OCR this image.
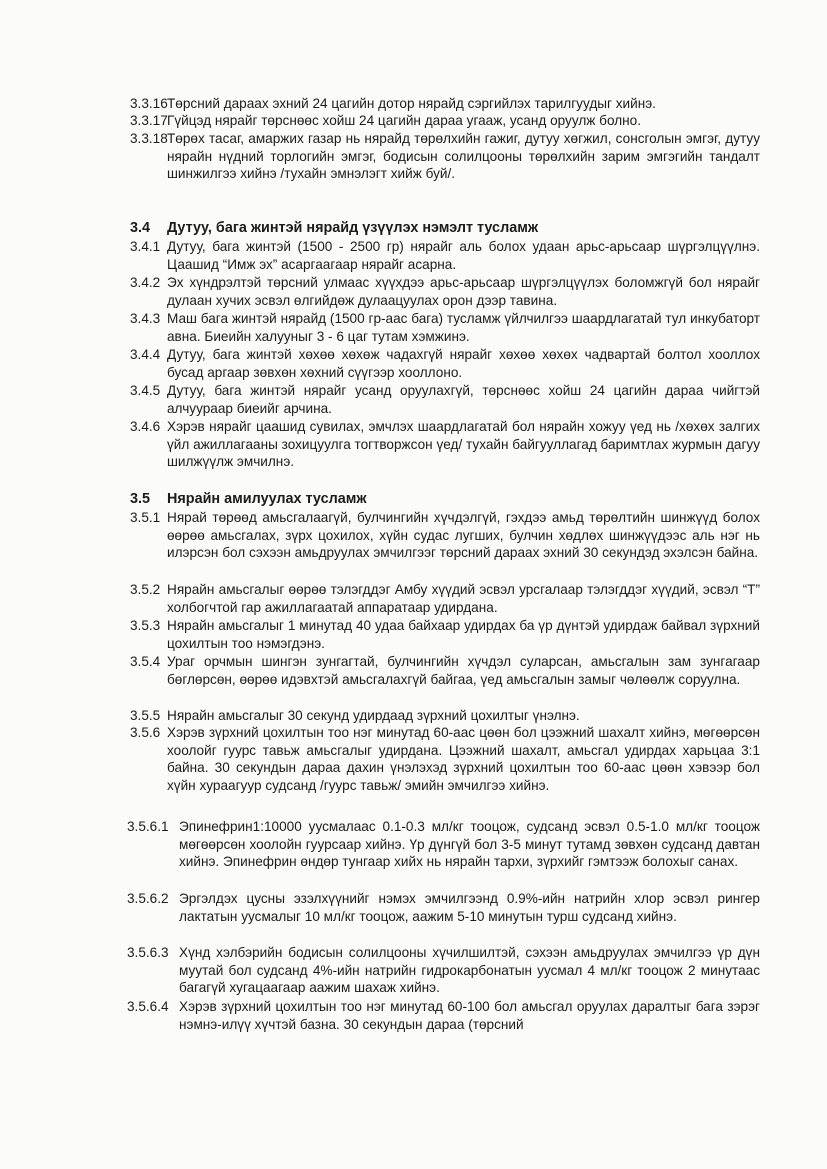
3.3.16 Төрсний дараах эхний 24 цагийн дотор нярайд сэргийлэх тарилгуудыг хийнэ.
3.3.17 Гүйцэд нярайг төрснөөс хойш 24 цагийн дараа угааж, усанд оруулж болно.
3.3.18 Төрөх тасаг, амаржих газар нь нярайд төрөлхийн гажиг, дутуу хөгжил, сонсголын эмгэг, дутуу нярайн нүдний торлогийн эмгэг, бодисын солилцооны төрөлхийн зарим эмгэгийн тандалт шинжилгээ хийнэ /тухайн эмнэлэгт хийж буй/.
3.4 Дутуу, бага жинтэй нярайд үзүүлэх нэмэлт тусламж
3.4.1 Дутуу, бага жинтэй (1500 - 2500 гр) нярайг аль болох удаан арьс-арьсаар шүргэлцүүлнэ. Цаашид “Имж эх” асаргаагаар нярайг асарна.
3.4.2 Эх хүндрэлтэй төрсний улмаас хүүхдээ арьс-арьсаар шүргэлцүүлэх боломжгүй бол нярайг дулаан хучих эсвэл өлгийдөж дулаацуулах орон дээр тавина.
3.4.3 Маш бага жинтэй нярайд (1500 гр-аас бага) тусламж үйлчилгээ шаардлагатай тул инкубаторт авна. Биеийн халууныг 3 - 6 цаг тутам хэмжинэ.
3.4.4 Дутуу, бага жинтэй хөхөө хөхөж чадахгүй нярайг хөхөө хөхөх чадвартай болтол хооллох бусад аргаар зөвхөн хөхний сүүгээр хооллоно.
3.4.5 Дутуу, бага жинтэй нярайг усанд оруулахгүй, төрснөөс хойш 24 цагийн дараа чийгтэй алчуураар биеийг арчина.
3.4.6 Хэрэв нярайг цаашид сувилах, эмчлэх шаардлагатай бол нярайн хожуу үед нь /хөхөх залгих үйл ажиллагааны зохицуулга тогтворжсон үед/ тухайн байгууллагад баримтлах журмын дагуу шилжүүлж эмчилнэ.
3.5 Нярайн амилуулах тусламж
3.5.1 Нярай төрөөд амьсгалаагүй, булчингийн хүчдэлгүй, гэхдээ амьд төрөлтийн шинжүүд болох өөрөө амьсгалах, зүрх цохилох, хүйн судас лугших, булчин хөдлөх шинжүүдээс аль нэг нь илэрсэн бол сэхээн амьдруулах эмчилгээг төрсний дараах эхний 30 секундэд эхэлсэн байна.
3.5.2 Нярайн амьсгалыг өөрөө тэлэгддэг Амбу хүүдий эсвэл урсгалаар тэлэгддэг хүүдий, эсвэл “Т” холбогчтой гар ажиллагаатай аппаратаар удирдана.
3.5.3 Нярайн амьсгалыг 1 минутад 40 удаа байхаар удирдах ба үр дүнтэй удирдаж байвал зүрхний цохилтын тоо нэмэгдэнэ.
3.5.4 Ураг орчмын шингэн зунгагтай, булчингийн хүчдэл суларсан, амьсгалын зам зунгагаар бөглөрсөн, өөрөө идэвхтэй амьсгалахгүй байгаа, үед амьсгалын замыг чөлөөлж соруулна.
3.5.5 Нярайн амьсгалыг 30 секунд удирдаад зүрхний цохилтыг үнэлнэ.
3.5.6 Хэрэв зүрхний цохилтын тоо нэг минутад 60-аас цөөн бол цээжний шахалт хийнэ, мөгөөрсөн хоолойг гуурс тавьж амьсгалыг удирдана. Цээжний шахалт, амьсгал удирдах харьцаа 3:1 байна. 30 секундын дараа дахин үнэлэхэд зүрхний цохилтын тоо 60-аас цөөн хэвээр бол хүйн хураагуур судсанд /гуурс тавьж/ эмийн эмчилгээ хийнэ.
3.5.6.1 Эпинефрин1:10000 уусмалаас 0.1-0.3 мл/кг тооцож, судсанд эсвэл 0.5-1.0 мл/кг тооцож мөгөөрсөн хоолойн гуурсаар хийнэ. Үр дүнгүй бол 3-5 минут тутамд зөвхөн судсанд давтан хийнэ. Эпинефрин өндөр тунгаар хийх нь нярайн тархи, зүрхийг гэмтээж болохыг санах.
3.5.6.2 Эргэлдэх цусны эзэлхүүнийг нэмэх эмчилгээнд 0.9%-ийн натрийн хлор эсвэл рингер лактатын уусмалыг 10 мл/кг тооцож, аажим 5-10 минутын турш судсанд хийнэ.
3.5.6.3 Хүнд хэлбэрийн бодисын солилцооны хүчилшилтэй, сэхээн амьдруулах эмчилгээ үр дүн муутай бол судсанд 4%-ийн натрийн гидрокарбонатын уусмал 4 мл/кг тооцож 2 минутаас багагүй хугацаагаар аажим шахаж хийнэ.
3.5.6.4 Хэрэв зүрхний цохилтын тоо нэг минутад 60-100 бол амьсгал оруулах даралтыг бага зэрэг нэмнэ-илүү хүчтэй базна. 30 секундын дараа (төрсний
